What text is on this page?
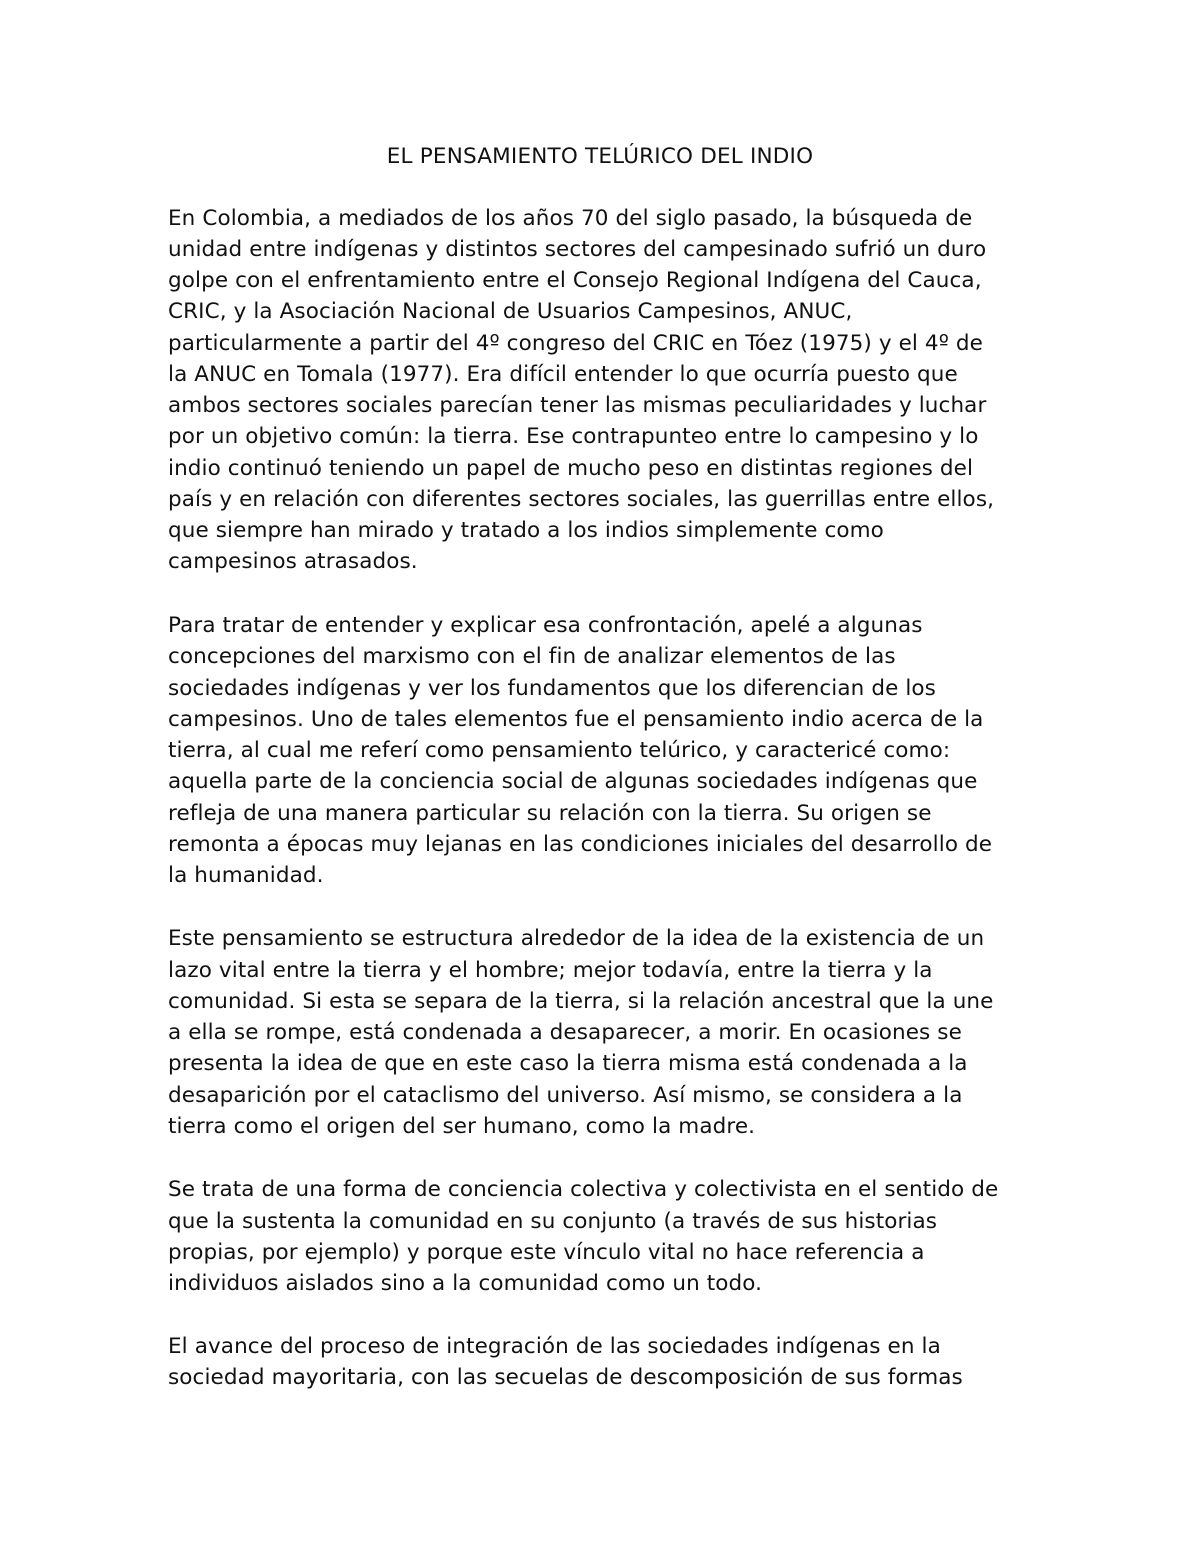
EL PENSAMIENTO TELÚRICO DEL INDIO
En Colombia, a mediados de los años 70 del siglo pasado, la búsqueda de
unidad entre indígenas y distintos sectores del campesinado sufrió un duro
golpe con el enfrentamiento entre el Consejo Regional Indígena del Cauca,
CRIC, y la Asociación Nacional de Usuarios Campesinos, ANUC,
particularmente a partir del 4º congreso del CRIC en Tóez (1975) y el 4º de
la ANUC en Tomala (1977). Era difícil entender lo que ocurría puesto que
ambos sectores sociales parecían tener las mismas peculiaridades y luchar
por un objetivo común: la tierra. Ese contrapunteo entre lo campesino y lo
indio continuó teniendo un papel de mucho peso en distintas regiones del
país y en relación con diferentes sectores sociales, las guerrillas entre ellos,
que siempre han mirado y tratado a los indios simplemente como
campesinos atrasados.
Para tratar de entender y explicar esa confrontación, apelé a algunas
concepciones del marxismo con el fin de analizar elementos de las
sociedades indígenas y ver los fundamentos que los diferencian de los
campesinos. Uno de tales elementos fue el pensamiento indio acerca de la
tierra, al cual me referí como pensamiento telúrico, y caractericé como:
aquella parte de la conciencia social de algunas sociedades indígenas que
refleja de una manera particular su relación con la tierra. Su origen se
remonta a épocas muy lejanas en las condiciones iniciales del desarrollo de
la humanidad.
Este pensamiento se estructura alrededor de la idea de la existencia de un
lazo vital entre la tierra y el hombre; mejor todavía, entre la tierra y la
comunidad. Si esta se separa de la tierra, si la relación ancestral que la une
a ella se rompe, está condenada a desaparecer, a morir. En ocasiones se
presenta la idea de que en este caso la tierra misma está condenada a la
desaparición por el cataclismo del universo. Así mismo, se considera a la
tierra como el origen del ser humano, como la madre.
Se trata de una forma de conciencia colectiva y colectivista en el sentido de
que la sustenta la comunidad en su conjunto (a través de sus historias
propias, por ejemplo) y porque este vínculo vital no hace referencia a
individuos aislados sino a la comunidad como un todo.
El avance del proceso de integración de las sociedades indígenas en la
sociedad mayoritaria, con las secuelas de descomposición de sus formas
